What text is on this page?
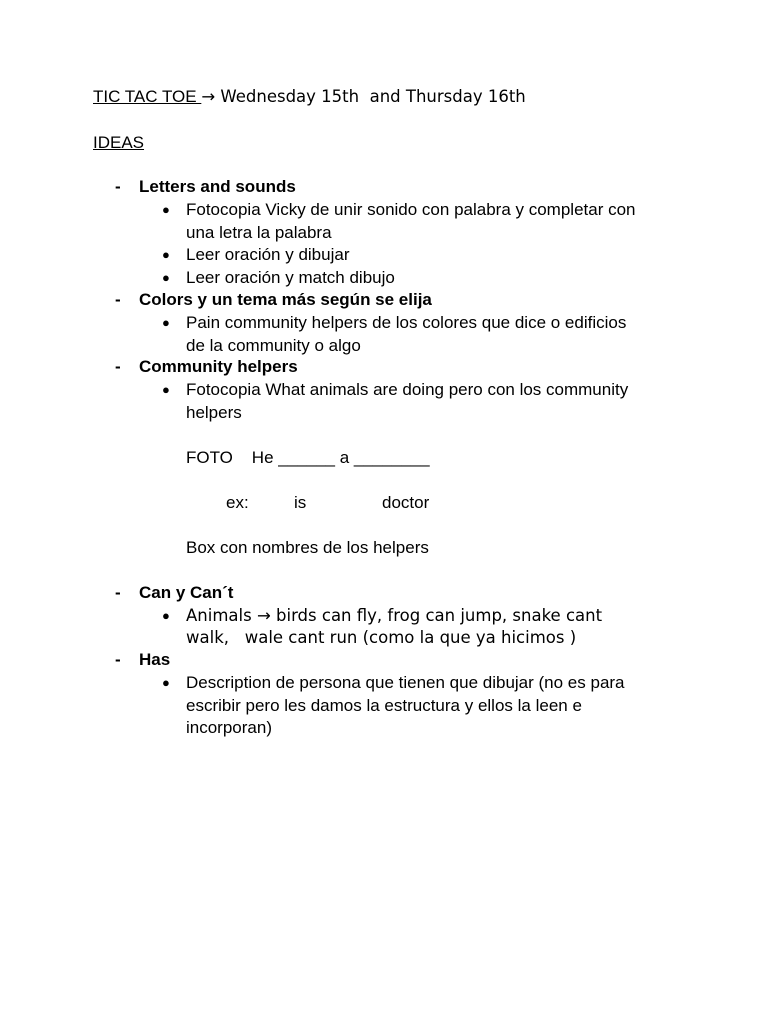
TIC TAC TOE → Wednesday 15th  and Thursday 16th
IDEAS
- Letters and sounds
● Fotocopia Vicky de unir sonido con palabra y completar con
una letra la palabra
● Leer oración y dibujar
● Leer oración y match dibujo
- Colors y un tema más según se elija
● Pain community helpers de los colores que dice o edificios
de la community o algo
- Community helpers
● Fotocopia What animals are doing pero con los community
helpers
FOTO    He ______ a ________
ex:	is	doctor
Box con nombres de los helpers
- Can y Can´t
● Animals → birds can fly, frog can jump, snake cant
walk,   wale cant run (como la que ya hicimos )
- Has
● Description de persona que tienen que dibujar (no es para
escribir pero les damos la estructura y ellos la leen e
incorporan)
